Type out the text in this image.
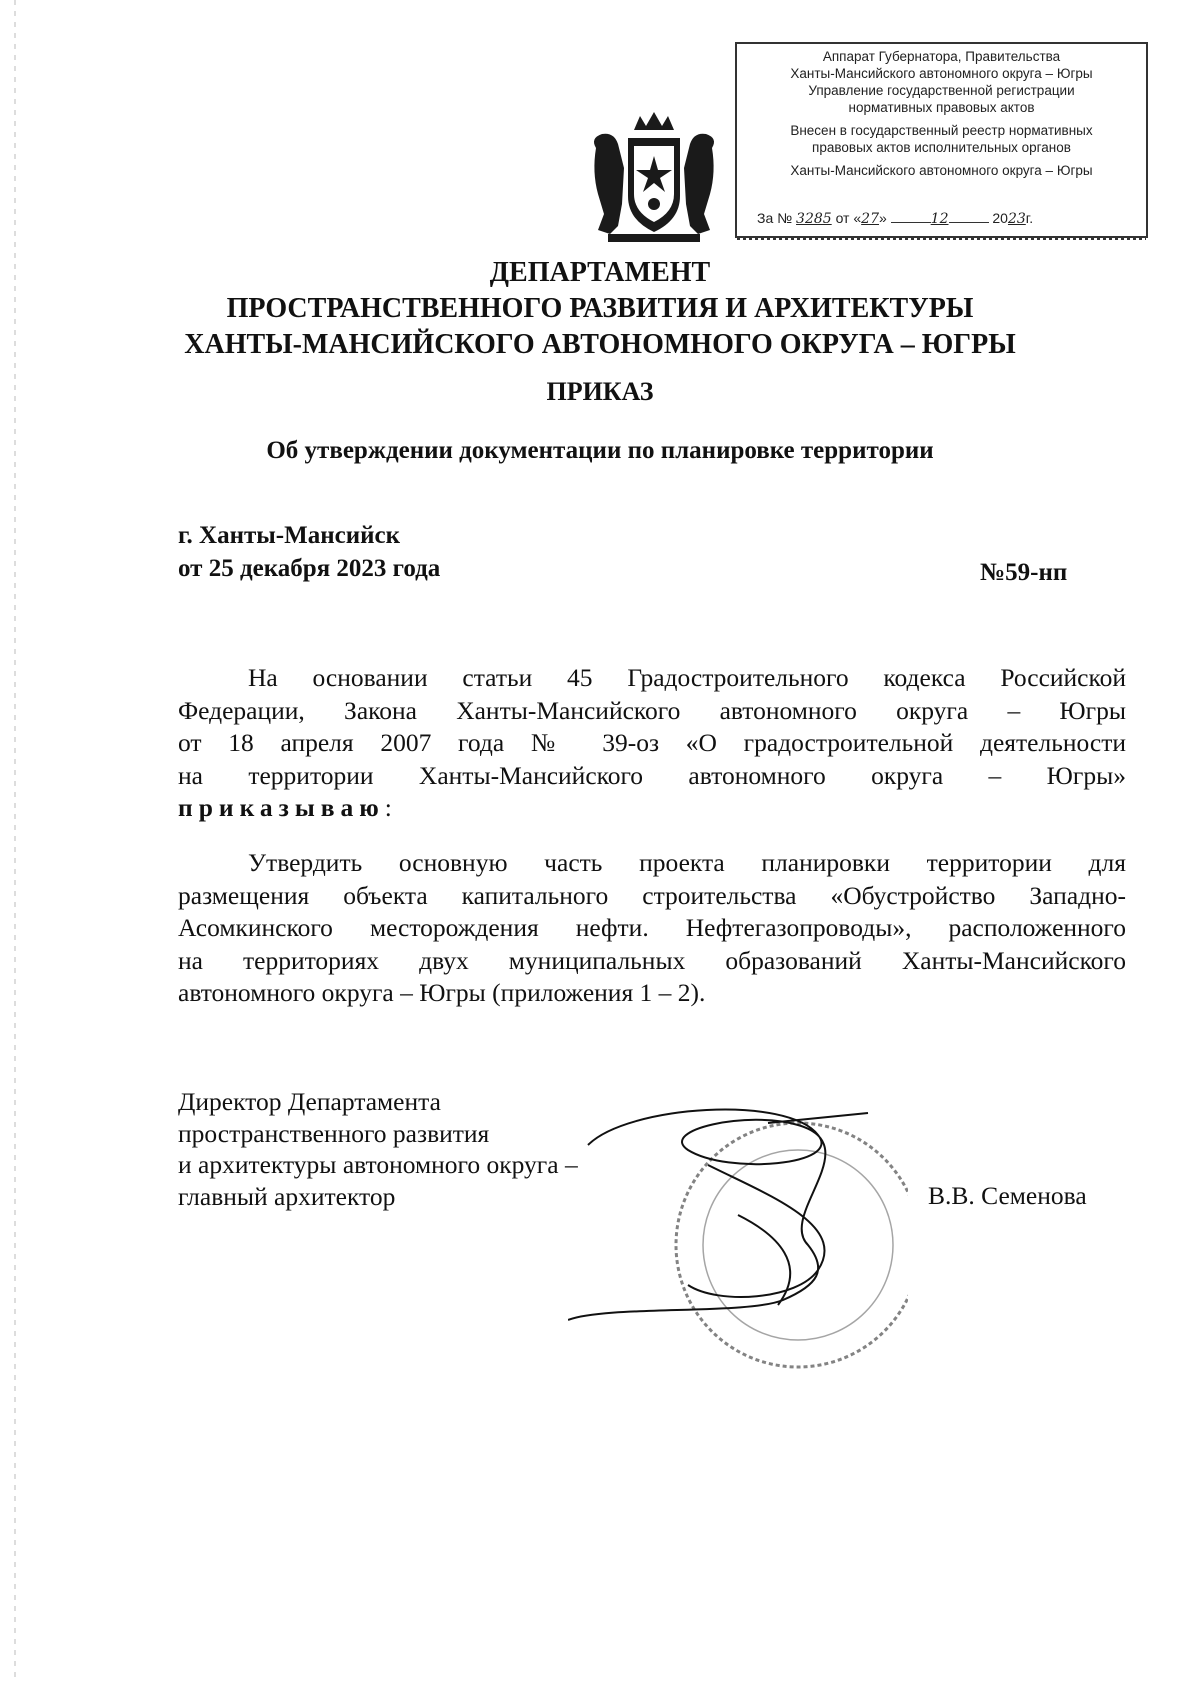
Аппарат Губернатора, Правительства
Ханты-Мансийского автономного округа – Югры
Управление государственной регистрации
нормативных правовых актов
Внесен в государственный реестр нормативных
правовых актов исполнительных органов
Ханты-Мансийского автономного округа – Югры
За № 3285 от «27»	12	2023г.
ДЕПАРТАМЕНТ
ПРОСТРАНСТВЕННОГО РАЗВИТИЯ И АРХИТЕКТУРЫ
ХАНТЫ-МАНСИЙСКОГО АВТОНОМНОГО ОКРУГА – ЮГРЫ
ПРИКАЗ
Об утверждении документации по планировке территории
г. Ханты-Мансийск
от 25 декабря 2023 года	№59-нп
На основании статьи 45 Градостроительного кодекса Российской
Федерации, Закона Ханты-Мансийского автономного округа – Югры
от 18 апреля 2007 года № 39-оз «О градостроительной деятельности
на территории Ханты-Мансийского автономного округа – Югры»
приказываю:
Утвердить основную часть проекта планировки территории для
размещения объекта капитального строительства «Обустройство Западно-
Асомкинского месторождения нефти. Нефтегазопроводы», расположенного
на территориях двух муниципальных образований Ханты-Мансийского
автономного округа – Югры (приложения 1 – 2).
Директор Департамента
пространственного развития
и архитектуры автономного округа –
главный архитектор	В.В. Семенова
